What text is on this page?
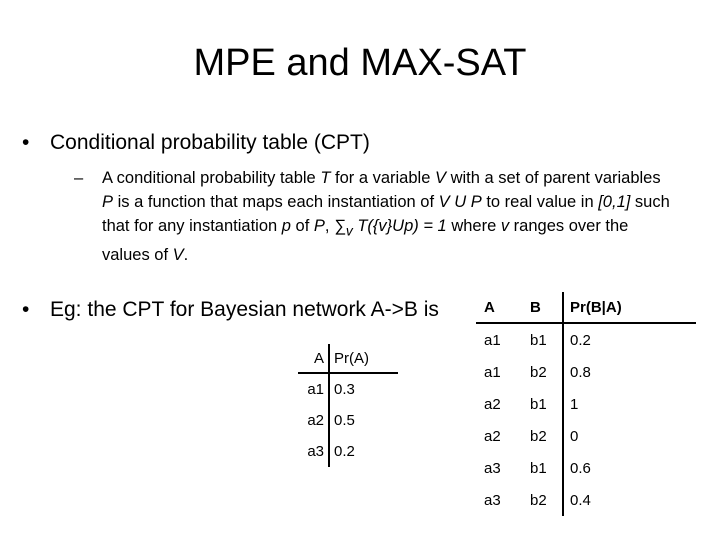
MPE and MAX-SAT
• Conditional probability table (CPT)
– A conditional probability table T for a variable V with a set of parent variables P is a function that maps each instantiation of V U P to real value in [0,1] such that for any instantiation p of P, $\sum_v$ T({v}Up) = 1 where v ranges over the values of V.
• Eg: the CPT for Bayesian network A->B is
A	Pr(A)
a1	0.3
a2	0.5
a3	0.2
A	B	Pr(B|A)
a1	b1	0.2
a1	b2	0.8
a2	b1	1
a2	b2	0
a3	b1	0.6
a3	b2	0.4
